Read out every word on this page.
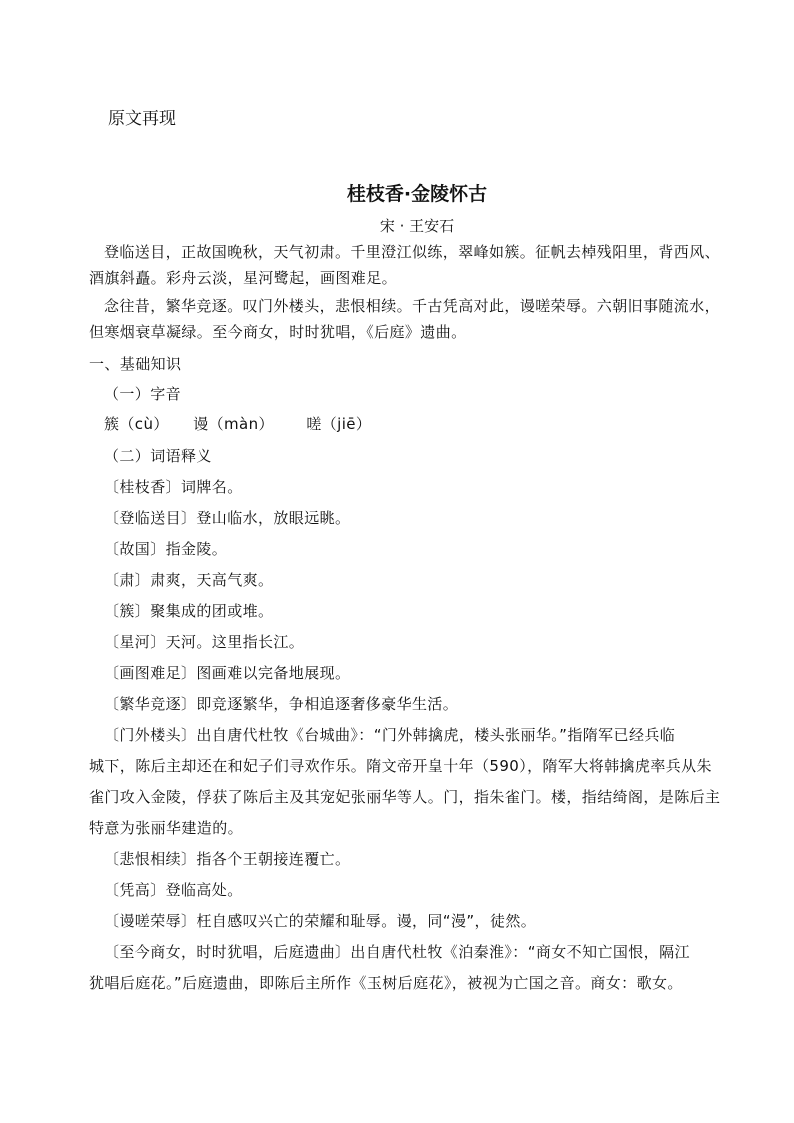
原文再现
桂枝香·金陵怀古
宋 · 王安石
登临送目，正故国晚秋，天气初肃。千里澄江似练，翠峰如簇。征帆去棹残阳里，背西风、
酒旗斜矗。彩舟云淡，星河鹭起，画图难足。
念往昔，繁华竞逐。叹门外楼头，悲恨相续。千古凭高对此，谩嗟荣辱。六朝旧事随流水，
但寒烟衰草凝绿。至今商女，时时犹唱，《后庭》遗曲。
一、基础知识
（一）字音
簇（cù） 谩（màn） 嗟（jiē）
（二）词语释义
〔桂枝香〕词牌名。
〔登临送目〕登山临水，放眼远眺。
〔故国〕指金陵。
〔肃〕肃爽，天高气爽。
〔簇〕聚集成的团或堆。
〔星河〕天河。这里指长江。
〔画图难足〕图画难以完备地展现。
〔繁华竞逐〕即竞逐繁华，争相追逐奢侈豪华生活。
〔门外楼头〕出自唐代杜牧《台城曲》：“门外韩擒虎，楼头张丽华。”指隋军已经兵临
城下，陈后主却还在和妃子们寻欢作乐。隋文帝开皇十年（590），隋军大将韩擒虎率兵从朱
雀门攻入金陵，俘获了陈后主及其宠妃张丽华等人。门，指朱雀门。楼，指结绮阁，是陈后主
特意为张丽华建造的。
〔悲恨相续〕指各个王朝接连覆亡。
〔凭高〕登临高处。
〔谩嗟荣辱〕枉自感叹兴亡的荣耀和耻辱。谩，同“漫”，徒然。
〔至今商女，时时犹唱，后庭遗曲〕出自唐代杜牧《泊秦淮》：“商女不知亡国恨，隔江
犹唱后庭花。”后庭遗曲，即陈后主所作《玉树后庭花》，被视为亡国之音。商女：歌女。
